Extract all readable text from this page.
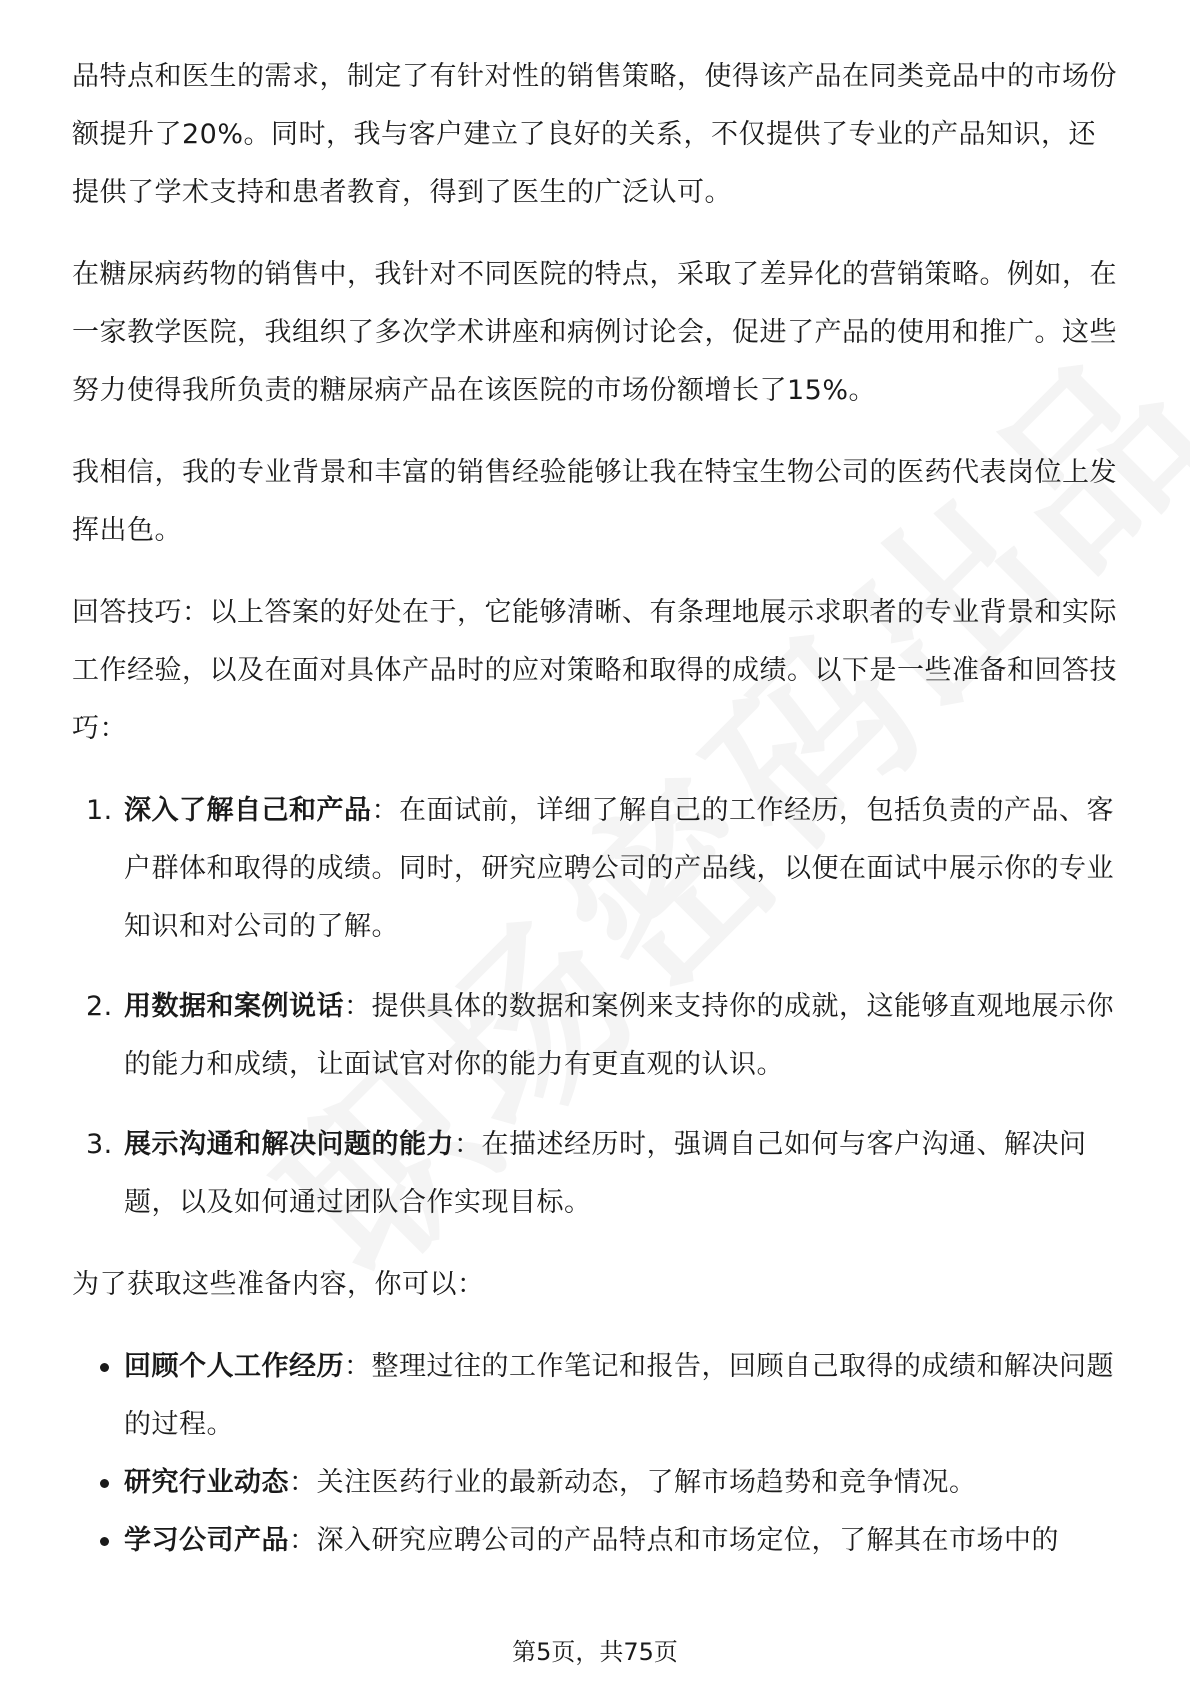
品特点和医生的需求，制定了有针对性的销售策略，使得该产品在同类竞品中的市场份额提升了20%。同时，我与客户建立了良好的关系，不仅提供了专业的产品知识，还提供了学术支持和患者教育，得到了医生的广泛认可。

在糖尿病药物的销售中，我针对不同医院的特点，采取了差异化的营销策略。例如，在一家教学医院，我组织了多次学术讲座和病例讨论会，促进了产品的使用和推广。这些努力使得我所负责的糖尿病产品在该医院的市场份额增长了15%。

我相信，我的专业背景和丰富的销售经验能够让我在特宝生物公司的医药代表岗位上发挥出色。

回答技巧：以上答案的好处在于，它能够清晰、有条理地展示求职者的专业背景和实际工作经验，以及在面对具体产品时的应对策略和取得的成绩。以下是一些准备和回答技巧：

1. 深入了解自己和产品：在面试前，详细了解自己的工作经历，包括负责的产品、客户群体和取得的成绩。同时，研究应聘公司的产品线，以便在面试中展示你的专业知识和对公司的了解。
2. 用数据和案例说话：提供具体的数据和案例来支持你的成就，这能够直观地展示你的能力和成绩，让面试官对你的能力有更直观的认识。
3. 展示沟通和解决问题的能力：在描述经历时，强调自己如何与客户沟通、解决问题，以及如何通过团队合作实现目标。

为了获取这些准备内容，你可以：

回顾个人工作经历：整理过往的工作笔记和报告，回顾自己取得的成绩和解决问题的过程。
研究行业动态：关注医药行业的最新动态，了解市场趋势和竞争情况。
学习公司产品：深入研究应聘公司的产品特点和市场定位，了解其在市场中的
第5页，共75页
